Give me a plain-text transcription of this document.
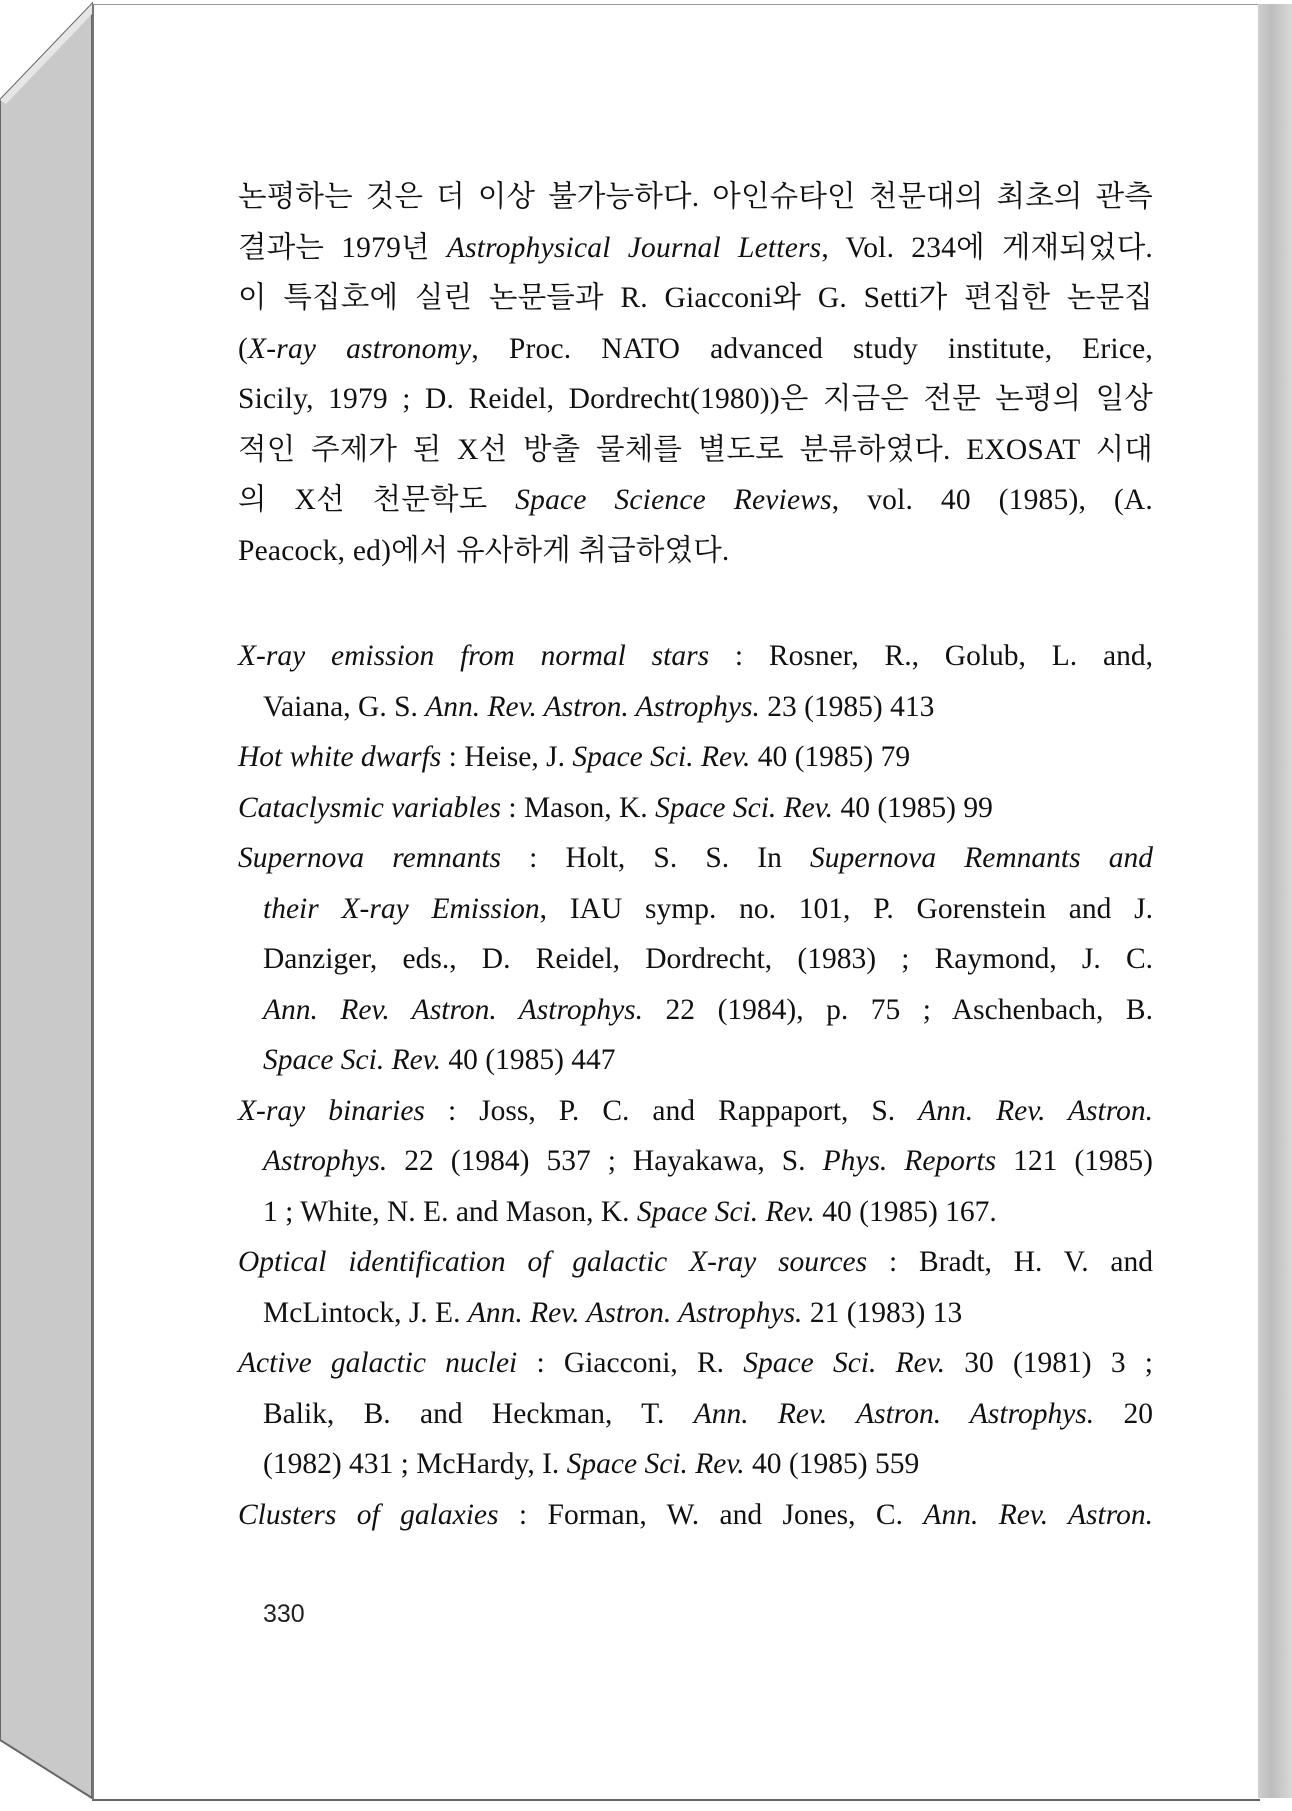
논평하는 것은 더 이상 불가능하다. 아인슈타인 천문대의 최초의 관측
결과는 1979년 Astrophysical Journal Letters, Vol. 234에 게재되었다.
이 특집호에 실린 논문들과 R. Giacconi와 G. Setti가 편집한 논문집
(X-ray astronomy, Proc. NATO advanced study institute, Erice,
Sicily, 1979 ; D. Reidel, Dordrecht(1980))은 지금은 전문 논평의 일상
적인 주제가 된 X선 방출 물체를 별도로 분류하였다. EXOSAT 시대
의 X선 천문학도 Space Science Reviews, vol. 40 (1985), (A.
Peacock, ed)에서 유사하게 취급하였다.

X-ray emission from normal stars : Rosner, R., Golub, L. and,
Vaiana, G. S. Ann. Rev. Astron. Astrophys. 23 (1985) 413
Hot white dwarfs : Heise, J. Space Sci. Rev. 40 (1985) 79
Cataclysmic variables : Mason, K. Space Sci. Rev. 40 (1985) 99
Supernova remnants : Holt, S. S. In Supernova Remnants and
their X-ray Emission, IAU symp. no. 101, P. Gorenstein and J.
Danziger, eds., D. Reidel, Dordrecht, (1983) ; Raymond, J. C.
Ann. Rev. Astron. Astrophys. 22 (1984), p. 75 ; Aschenbach, B.
Space Sci. Rev. 40 (1985) 447
X-ray binaries : Joss, P. C. and Rappaport, S. Ann. Rev. Astron.
Astrophys. 22 (1984) 537 ; Hayakawa, S. Phys. Reports 121 (1985)
1 ; White, N. E. and Mason, K. Space Sci. Rev. 40 (1985) 167.
Optical identification of galactic X-ray sources : Bradt, H. V. and
McLintock, J. E. Ann. Rev. Astron. Astrophys. 21 (1983) 13
Active galactic nuclei : Giacconi, R. Space Sci. Rev. 30 (1981) 3 ;
Balik, B. and Heckman, T. Ann. Rev. Astron. Astrophys. 20
(1982) 431 ; McHardy, I. Space Sci. Rev. 40 (1985) 559
Clusters of galaxies : Forman, W. and Jones, C. Ann. Rev. Astron.
330
